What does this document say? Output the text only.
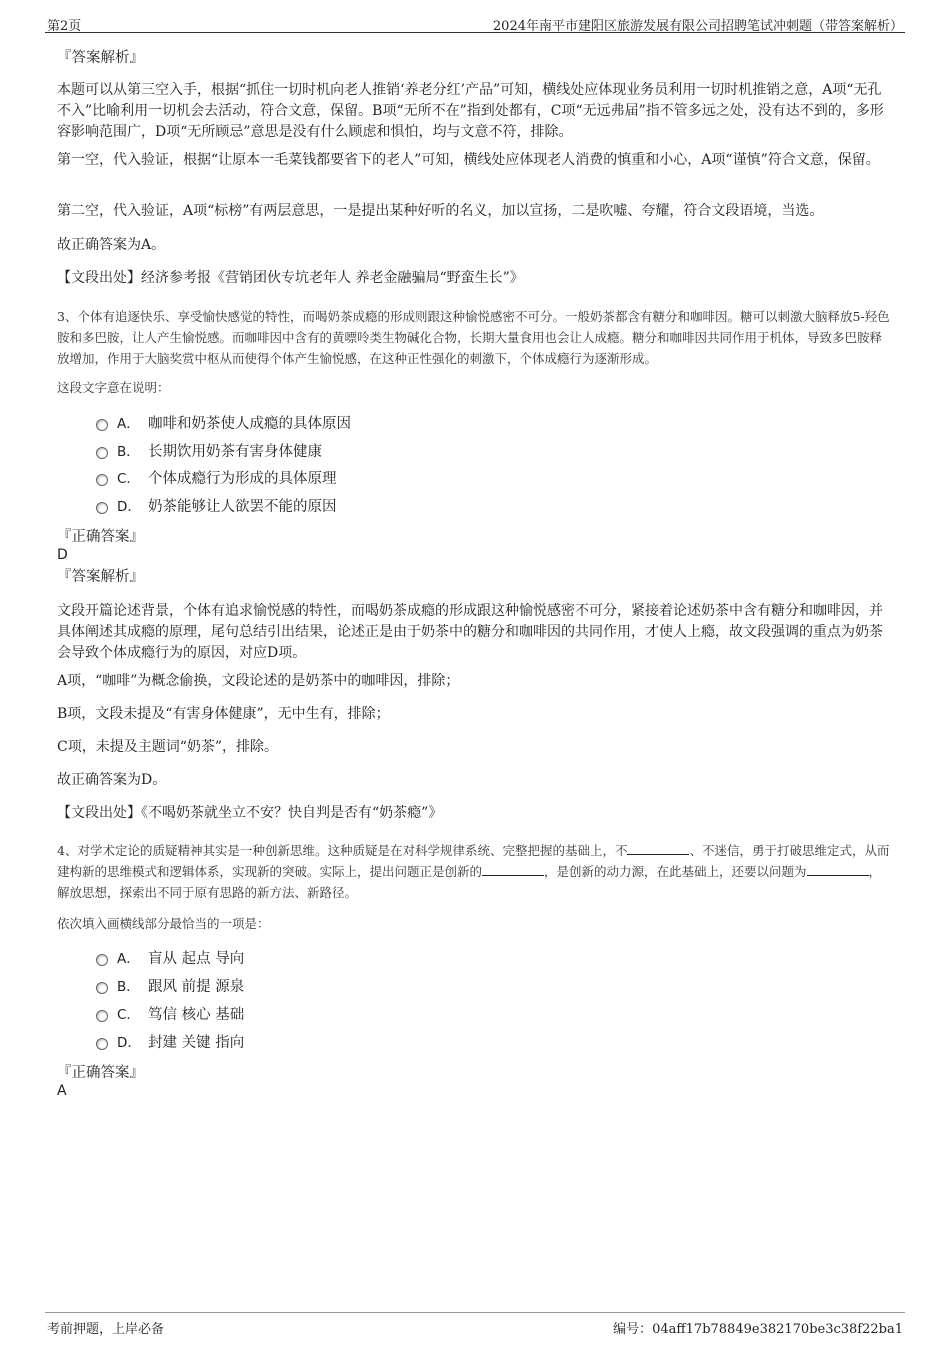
第2页	2024年南平市建阳区旅游发展有限公司招聘笔试冲刺题（带答案解析）
『答案解析』
本题可以从第三空入手，根据“抓住一切时机向老人推销‘养老分红’产品”可知，横线处应体现业务员利用一切时机推销之意，A项“无孔不入”比喻利用一切机会去活动，符合文意，保留。B项“无所不在”指到处都有，C项“无远弗届”指不管多远之处，没有达不到的，多形容影响范围广，D项“无所顾忌”意思是没有什么顾虑和惧怕，均与文意不符，排除。
第一空，代入验证，根据“让原本一毛菜钱都要省下的老人”可知，横线处应体现老人消费的慎重和小心，A项“谨慎”符合文意，保留。
第二空，代入验证，A项“标榜”有两层意思，一是提出某种好听的名义，加以宣扬，二是吹嘘、夸耀，符合文段语境，当选。
故正确答案为A。
【文段出处】经济参考报《营销团伙专坑老年人 养老金融骗局“野蛮生长”》
3、个体有追逐快乐、享受愉快感觉的特性，而喝奶茶成瘾的形成则跟这种愉悦感密不可分。一般奶茶都含有糖分和咖啡因。糖可以刺激大脑释放5-羟色胺和多巴胺，让人产生愉悦感。而咖啡因中含有的黄嘌呤类生物碱化合物，长期大量食用也会让人成瘾。糖分和咖啡因共同作用于机体，导致多巴胺释放增加，作用于大脑奖赏中枢从而使得个体产生愉悦感，在这种正性强化的刺激下，个体成瘾行为逐渐形成。
这段文字意在说明：
A． 咖啡和奶茶使人成瘾的具体原因
B． 长期饮用奶茶有害身体健康
C． 个体成瘾行为形成的具体原理
D． 奶茶能够让人欲罢不能的原因
『正确答案』
D
『答案解析』
文段开篇论述背景，个体有追求愉悦感的特性，而喝奶茶成瘾的形成跟这种愉悦感密不可分，紧接着论述奶茶中含有糖分和咖啡因，并具体阐述其成瘾的原理，尾句总结引出结果，论述正是由于奶茶中的糖分和咖啡因的共同作用，才使人上瘾，故文段强调的重点为奶茶会导致个体成瘾行为的原因，对应D项。
A项，“咖啡”为概念偷换，文段论述的是奶茶中的咖啡因，排除；
B项，文段未提及“有害身体健康”，无中生有，排除；
C项，未提及主题词“奶茶”，排除。
故正确答案为D。
【文段出处】《不喝奶茶就坐立不安？快自判是否有“奶茶瘾”》
4、对学术定论的质疑精神其实是一种创新思维。这种质疑是在对科学规律系统、完整把握的基础上，不	、不迷信，勇于打破思维定式，从而建构新的思维模式和逻辑体系，实现新的突破。实际上，提出问题正是创新的	，是创新的动力源，在此基础上，还要以问题为	，解放思想，探索出不同于原有思路的新方法、新路径。
依次填入画横线部分最恰当的一项是：
A． 盲从 起点 导向
B． 跟风 前提 源泉
C． 笃信 核心 基础
D． 封建 关键 指向
『正确答案』
A
考前押题，上岸必备	编号：04aff17b78849e382170be3c38f22ba1
